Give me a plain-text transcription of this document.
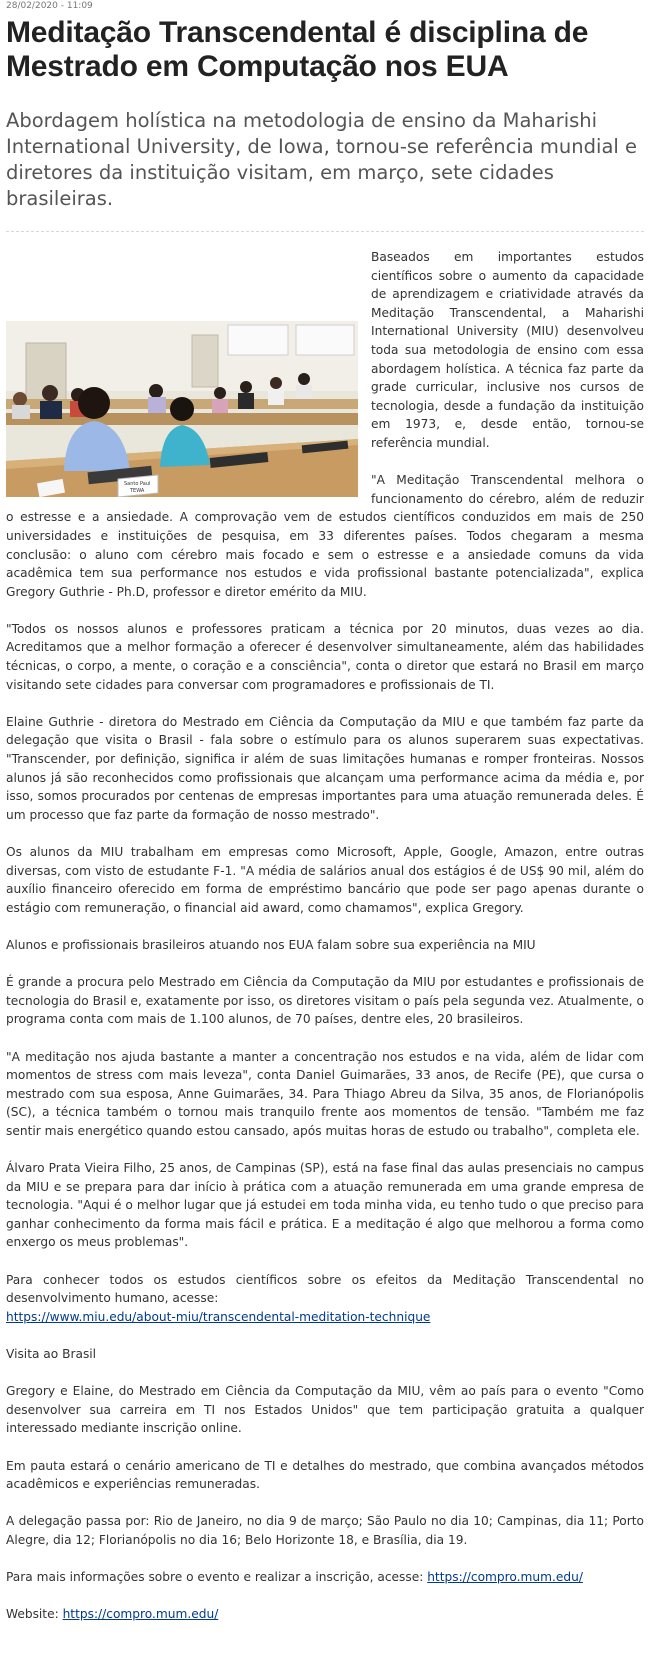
28/02/2020 - 11:09

Meditação Transcendental é disciplina de Mestrado em Computação nos EUA

Abordagem holística na metodologia de ensino da Maharishi International University, de Iowa, tornou-se referência mundial e diretores da instituição visitam, em março, sete cidades brasileiras.

Santo Paul
TEWA

Baseados em importantes estudos científicos sobre o aumento da capacidade de aprendizagem e criatividade através da Meditação Transcendental, a Maharishi International University (MIU) desenvolveu toda sua metodologia de ensino com essa abordagem holística. A técnica faz parte da grade curricular, inclusive nos cursos de tecnologia, desde a fundação da instituição em 1973, e, desde então, tornou-se referência mundial.

"A Meditação Transcendental melhora o funcionamento do cérebro, além de reduzir o estresse e a ansiedade. A comprovação vem de estudos científicos conduzidos em mais de 250 universidades e instituições de pesquisa, em 33 diferentes países. Todos chegaram a mesma conclusão: o aluno com cérebro mais focado e sem o estresse e a ansiedade comuns da vida acadêmica tem sua performance nos estudos e vida profissional bastante potencializada", explica Gregory Guthrie - Ph.D, professor e diretor emérito da MIU.

"Todos os nossos alunos e professores praticam a técnica por 20 minutos, duas vezes ao dia. Acreditamos que a melhor formação a oferecer é desenvolver simultaneamente, além das habilidades técnicas, o corpo, a mente, o coração e a consciência", conta o diretor que estará no Brasil em março visitando sete cidades para conversar com programadores e profissionais de TI.

Elaine Guthrie - diretora do Mestrado em Ciência da Computação da MIU e que também faz parte da delegação que visita o Brasil - fala sobre o estímulo para os alunos superarem suas expectativas. "Transcender, por definição, significa ir além de suas limitações humanas e romper fronteiras. Nossos alunos já são reconhecidos como profissionais que alcançam uma performance acima da média e, por isso, somos procurados por centenas de empresas importantes para uma atuação remunerada deles. É um processo que faz parte da formação de nosso mestrado".

Os alunos da MIU trabalham em empresas como Microsoft, Apple, Google, Amazon, entre outras diversas, com visto de estudante F-1. "A média de salários anual dos estágios é de US$ 90 mil, além do auxílio financeiro oferecido em forma de empréstimo bancário que pode ser pago apenas durante o estágio com remuneração, o financial aid award, como chamamos", explica Gregory.

Alunos e profissionais brasileiros atuando nos EUA falam sobre sua experiência na MIU

É grande a procura pelo Mestrado em Ciência da Computação da MIU por estudantes e profissionais de tecnologia do Brasil e, exatamente por isso, os diretores visitam o país pela segunda vez. Atualmente, o programa conta com mais de 1.100 alunos, de 70 países, dentre eles, 20 brasileiros.

"A meditação nos ajuda bastante a manter a concentração nos estudos e na vida, além de lidar com momentos de stress com mais leveza", conta Daniel Guimarães, 33 anos, de Recife (PE), que cursa o mestrado com sua esposa, Anne Guimarães, 34. Para Thiago Abreu da Silva, 35 anos, de Florianópolis (SC), a técnica também o tornou mais tranquilo frente aos momentos de tensão. "Também me faz sentir mais energético quando estou cansado, após muitas horas de estudo ou trabalho", completa ele.

Álvaro Prata Vieira Filho, 25 anos, de Campinas (SP), está na fase final das aulas presenciais no campus da MIU e se prepara para dar início à prática com a atuação remunerada em uma grande empresa de tecnologia. "Aqui é o melhor lugar que já estudei em toda minha vida, eu tenho tudo o que preciso para ganhar conhecimento da forma mais fácil e prática. E a meditação é algo que melhorou a forma como enxergo os meus problemas".

Para conhecer todos os estudos científicos sobre os efeitos da Meditação Transcendental no desenvolvimento humano, acesse:
https://www.miu.edu/about-miu/transcendental-meditation-technique

Visita ao Brasil

Gregory e Elaine, do Mestrado em Ciência da Computação da MIU, vêm ao país para o evento "Como desenvolver sua carreira em TI nos Estados Unidos" que tem participação gratuita a qualquer interessado mediante inscrição online.

Em pauta estará o cenário americano de TI e detalhes do mestrado, que combina avançados métodos acadêmicos e experiências remuneradas.

A delegação passa por: Rio de Janeiro, no dia 9 de março; São Paulo no dia 10; Campinas, dia 11; Porto Alegre, dia 12; Florianópolis no dia 16; Belo Horizonte 18, e Brasília, dia 19.

Para mais informações sobre o evento e realizar a inscrição, acesse: https://compro.mum.edu/

Website: https://compro.mum.edu/
